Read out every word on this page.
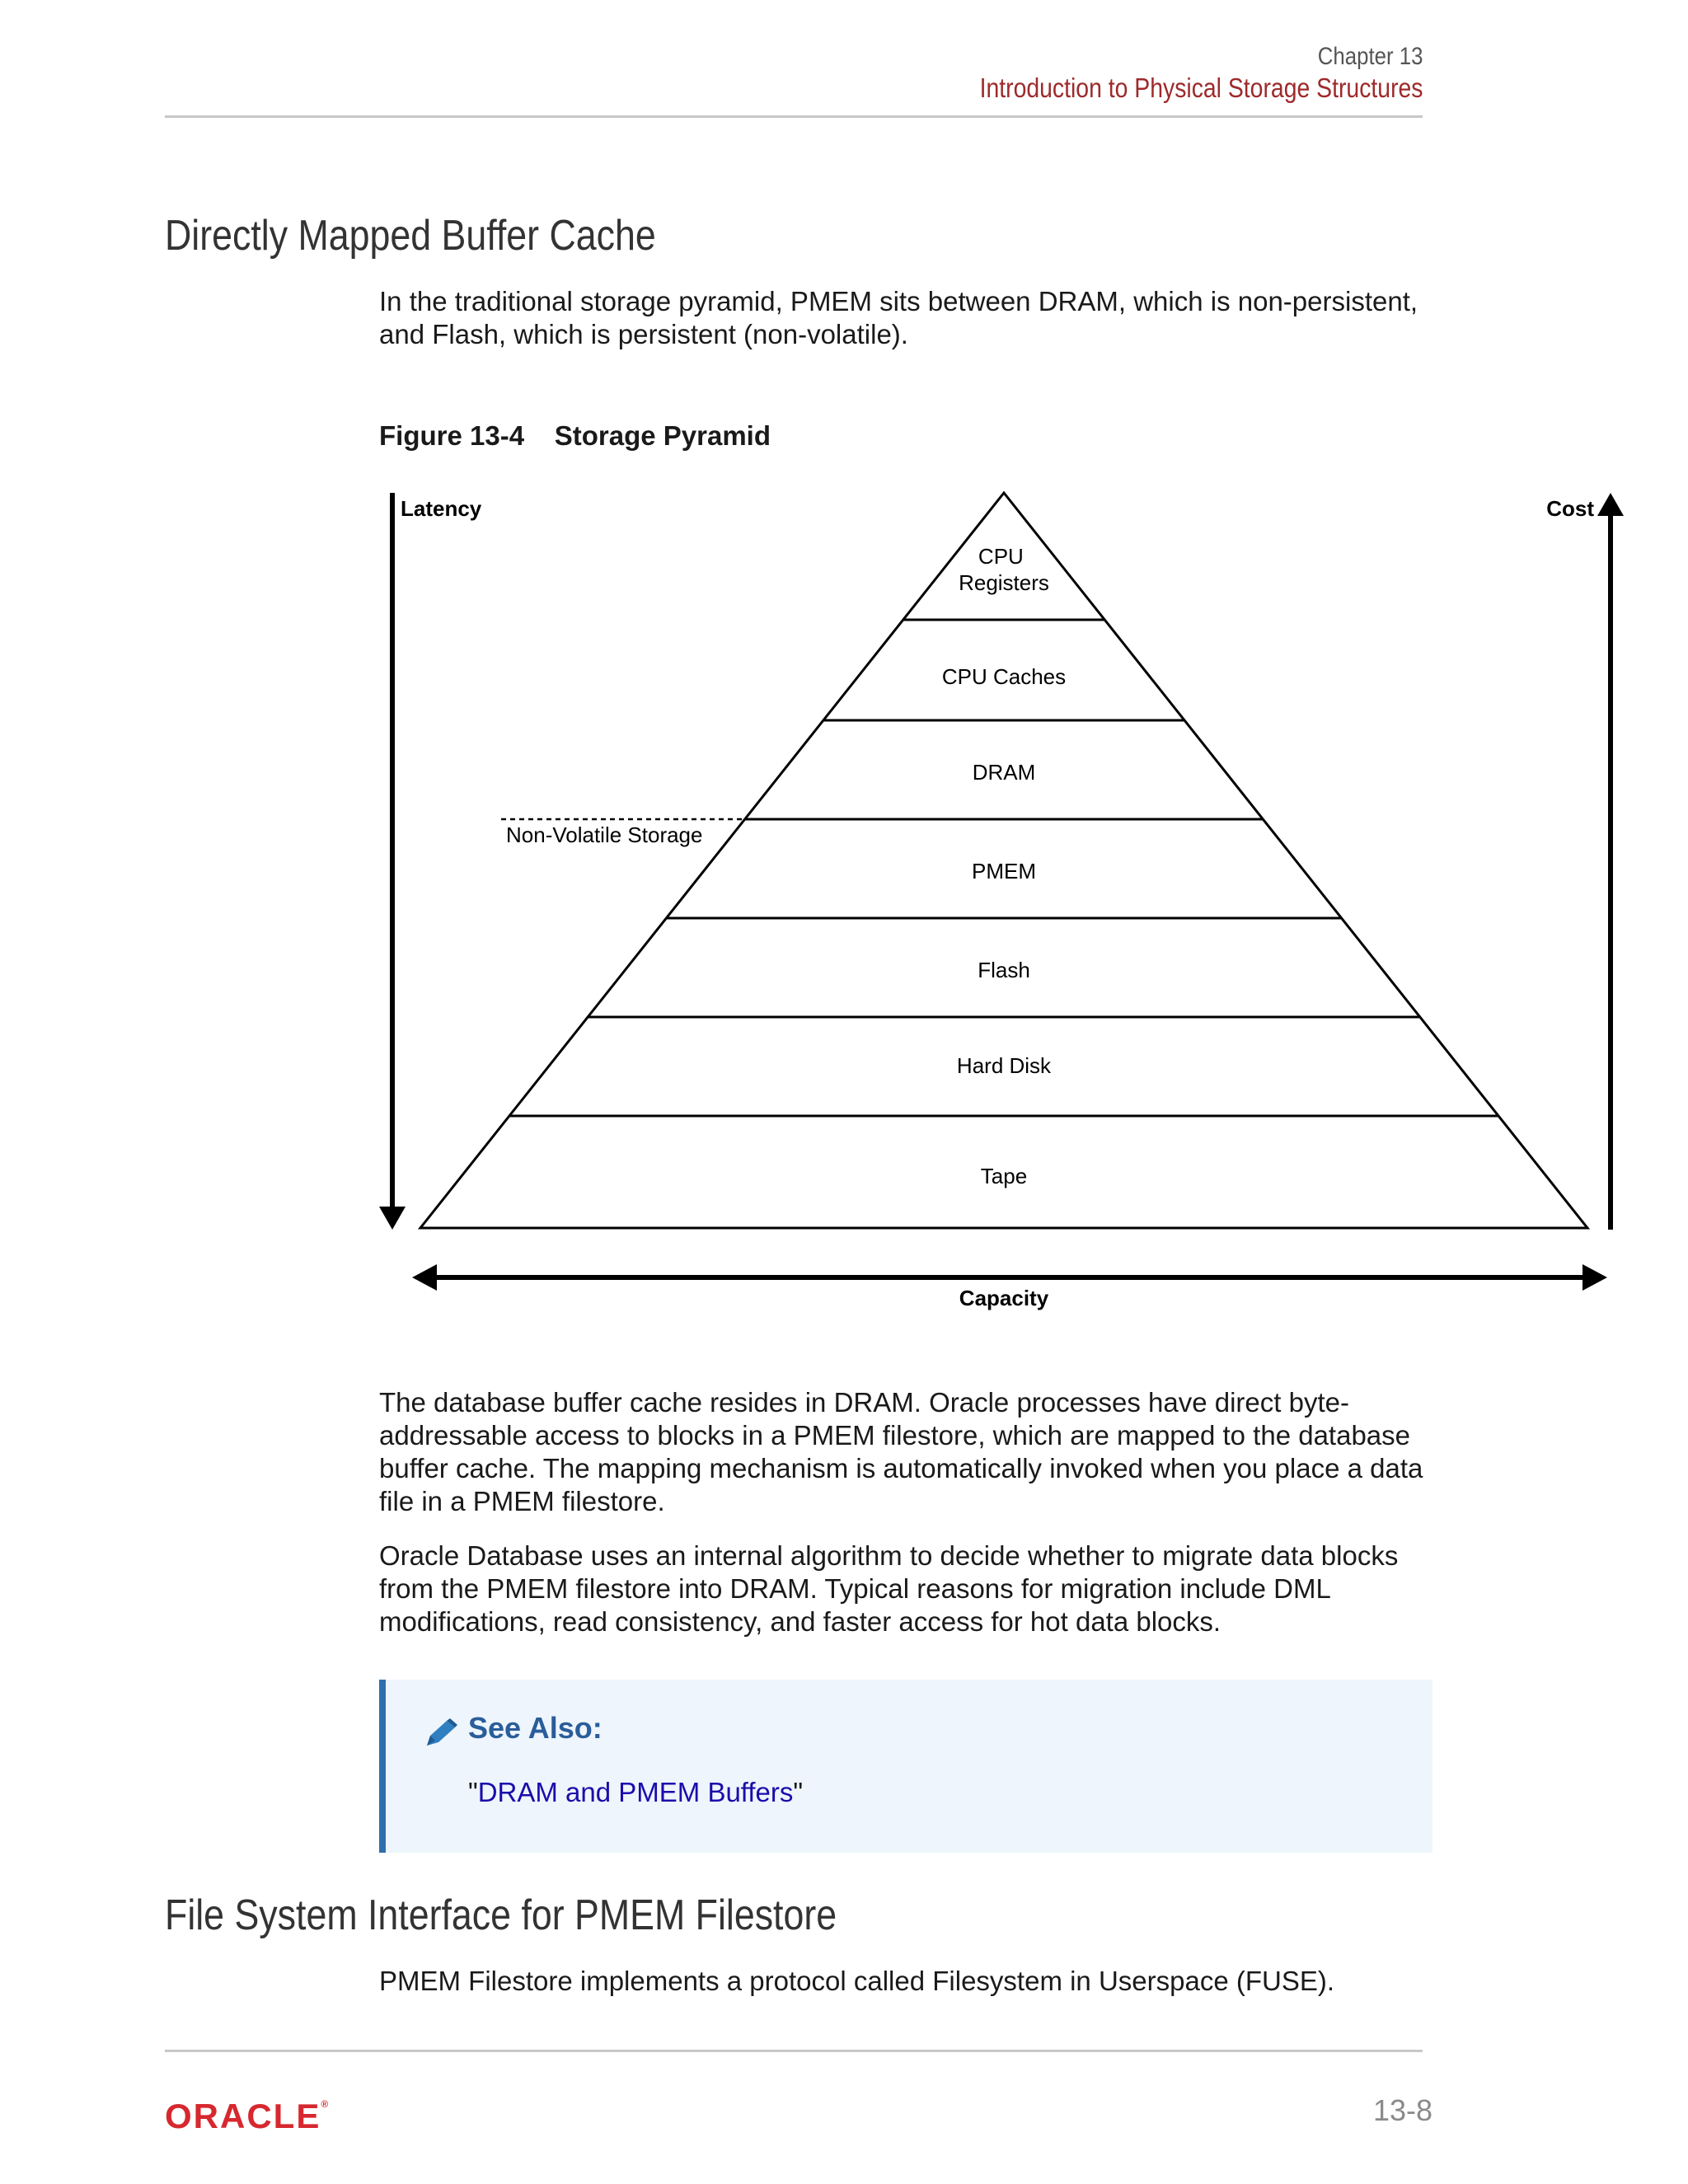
Chapter 13
Introduction to Physical Storage Structures
Directly Mapped Buffer Cache
In the traditional storage pyramid, PMEM sits between DRAM, which is non-persistent, and Flash, which is persistent (non-volatile).
Figure 13-4    Storage Pyramid
Latency	Cost
Capacity
Non-Volatile Storage
CPU Registers
CPU Caches
DRAM
PMEM
Flash
Hard Disk
Tape
The database buffer cache resides in DRAM. Oracle processes have direct byte-addressable access to blocks in a PMEM filestore, which are mapped to the database buffer cache. The mapping mechanism is automatically invoked when you place a data file in a PMEM filestore.
Oracle Database uses an internal algorithm to decide whether to migrate data blocks from the PMEM filestore into DRAM. Typical reasons for migration include DML modifications, read consistency, and faster access for hot data blocks.
See Also:
"DRAM and PMEM Buffers"
File System Interface for PMEM Filestore
PMEM Filestore implements a protocol called Filesystem in Userspace (FUSE).
ORACLE®	13-8
